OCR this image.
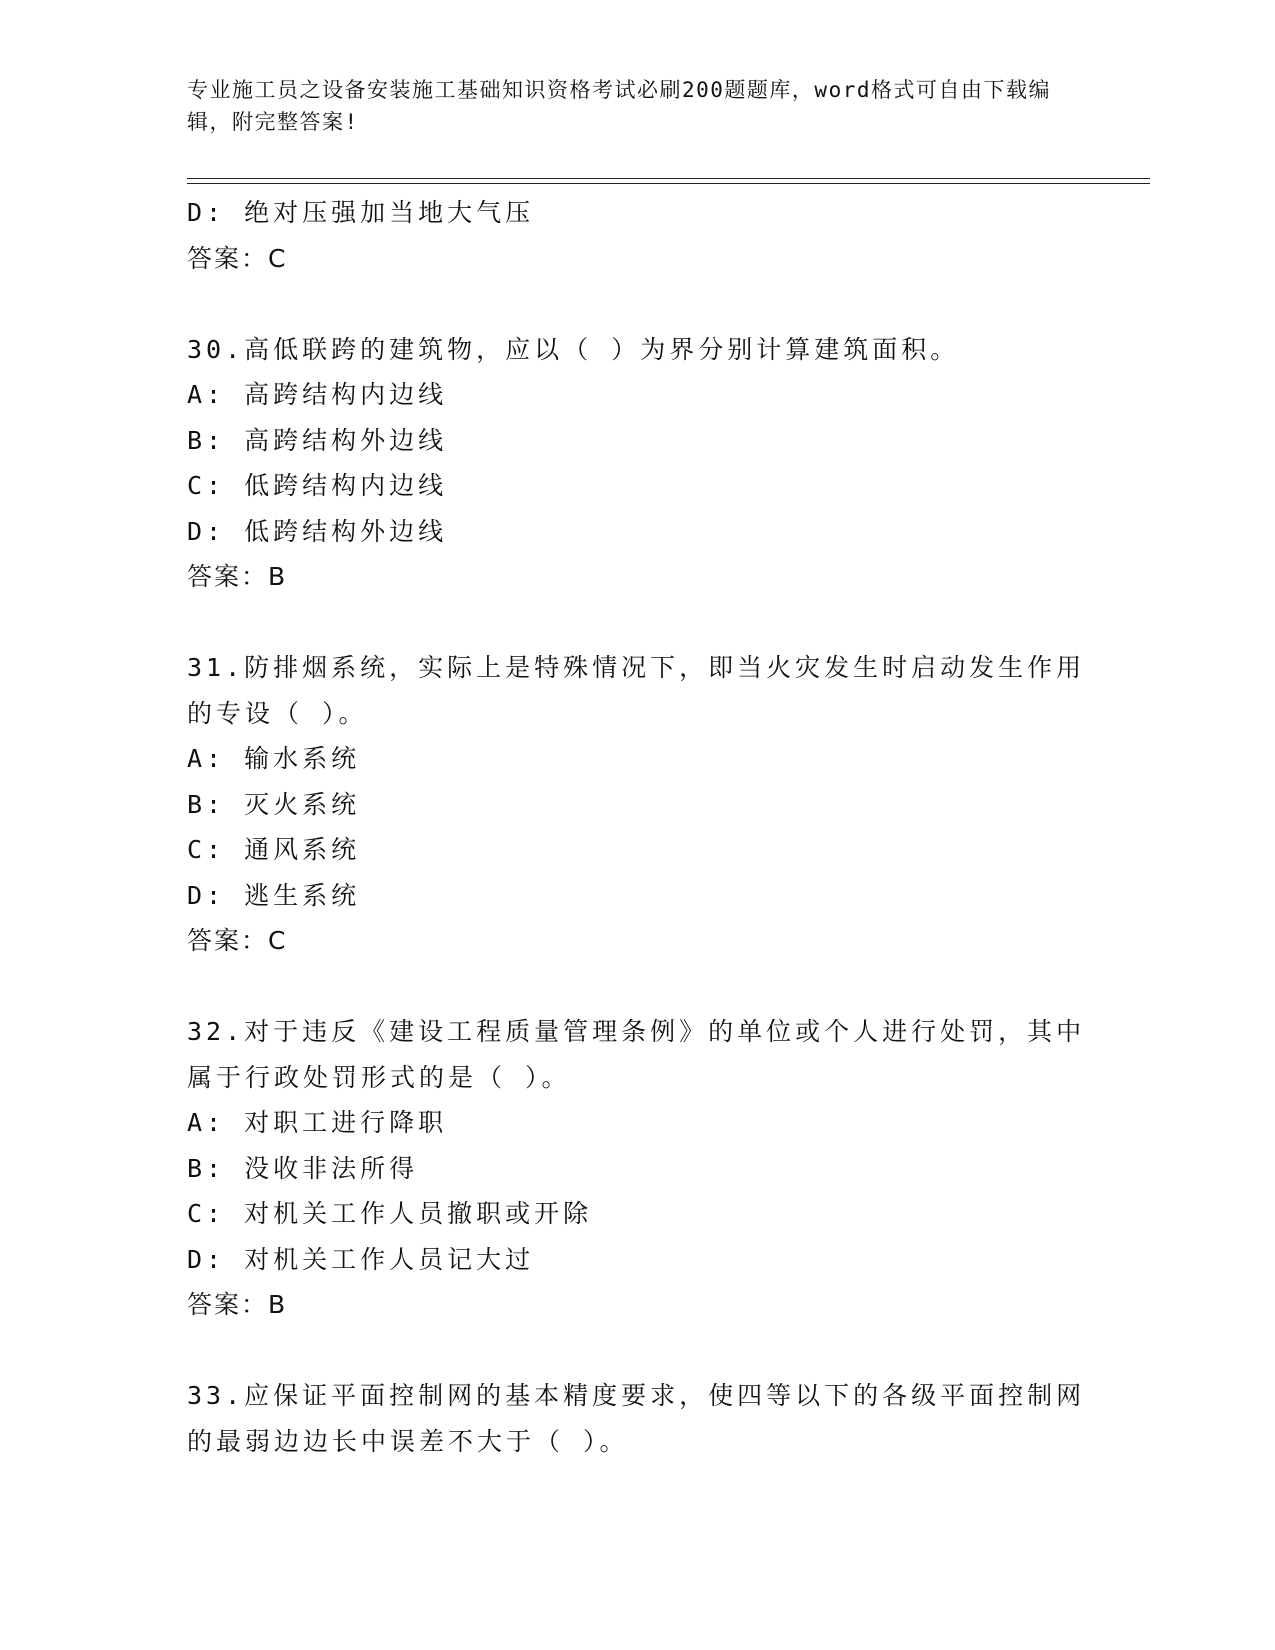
专业施工员之设备安装施工基础知识资格考试必刷200题题库，word格式可自由下载编辑，附完整答案!
D: 绝对压强加当地大气压
答案：C
30.高低联跨的建筑物，应以（ ）为界分别计算建筑面积。
A: 高跨结构内边线
B: 高跨结构外边线
C: 低跨结构内边线
D: 低跨结构外边线
答案：B
31.防排烟系统，实际上是特殊情况下，即当火灾发生时启动发生作用
的专设（ ）。
A: 输水系统
B: 灭火系统
C: 通风系统
D: 逃生系统
答案：C
32.对于违反《建设工程质量管理条例》的单位或个人进行处罚，其中
属于行政处罚形式的是（ ）。
A: 对职工进行降职
B: 没收非法所得
C: 对机关工作人员撤职或开除
D: 对机关工作人员记大过
答案：B
33.应保证平面控制网的基本精度要求，使四等以下的各级平面控制网
的最弱边边长中误差不大于（ ）。
